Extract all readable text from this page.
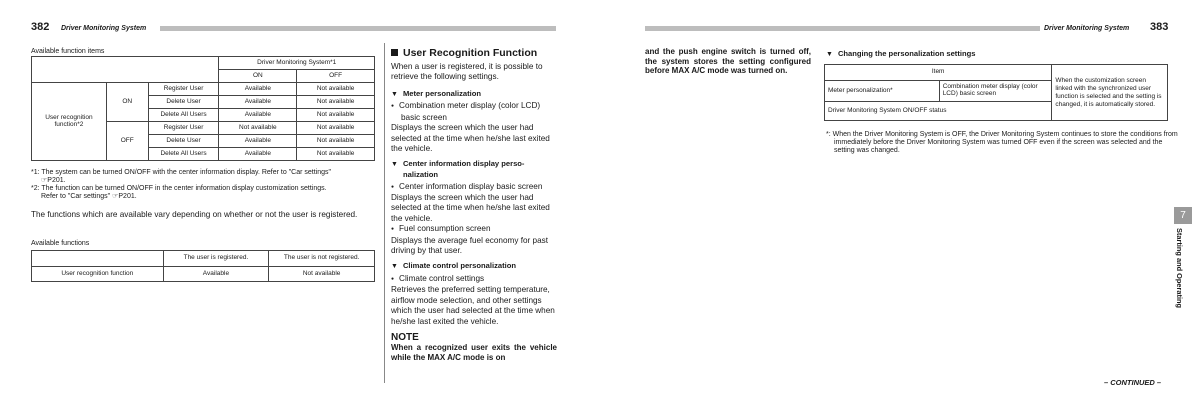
382 Driver Monitoring System	Driver Monitoring System 383
Available function items
			Driver Monitoring System*1	
			ON	OFF
User recognition function*2	ON	Register User	Available	Not available
		Delete User	Available	Not available
		Delete All Users	Available	Not available
	OFF	Register User	Not available	Not available
		Delete User	Available	Not available
		Delete All Users	Available	Not available
*1: The system can be turned ON/OFF with the center information display. Refer to "Car settings"
☞P201.
*2: The function can be turned ON/OFF in the center information display customization settings.
Refer to "Car settings" ☞P201.
The functions which are available vary depending on whether or not the user is registered.
Available functions
	The user is registered.	The user is not registered.
User recognition function	Available	Not available
User Recognition Function
When a user is registered, it is possible to retrieve the following settings.
▼ Meter personalization
● Combination meter display (color LCD) basic screen
Displays the screen which the user had selected at the time when he/she last exited the vehicle.
▼ Center information display perso-
nalization
● Center information display basic screen
Displays the screen which the user had selected at the time when he/she last exited the vehicle.
● Fuel consumption screen
Displays the average fuel economy for past driving by that user.
▼ Climate control personalization
● Climate control settings
Retrieves the preferred setting temperature, airflow mode selection, and other settings which the user had selected at the time when he/she last exited the vehicle.
NOTE
When a recognized user exits the vehicle while the MAX A/C mode is on
and the push engine switch is turned off, the system stores the setting configured before MAX A/C mode was turned on.
▼ Changing the personalization settings
Item		When the customization screen linked with the synchronized user function is selected and the setting is changed, it is automatically stored.
Meter personalization*	Combination meter display (color LCD) basic screen	
Driver Monitoring System ON/OFF status		
*: When the Driver Monitoring System is OFF, the Driver Monitoring System continues to store the conditions from immediately before the Driver Monitoring System was turned OFF even if the screen was selected and the setting was changed.
7
Starting and Operating
– CONTINUED –
